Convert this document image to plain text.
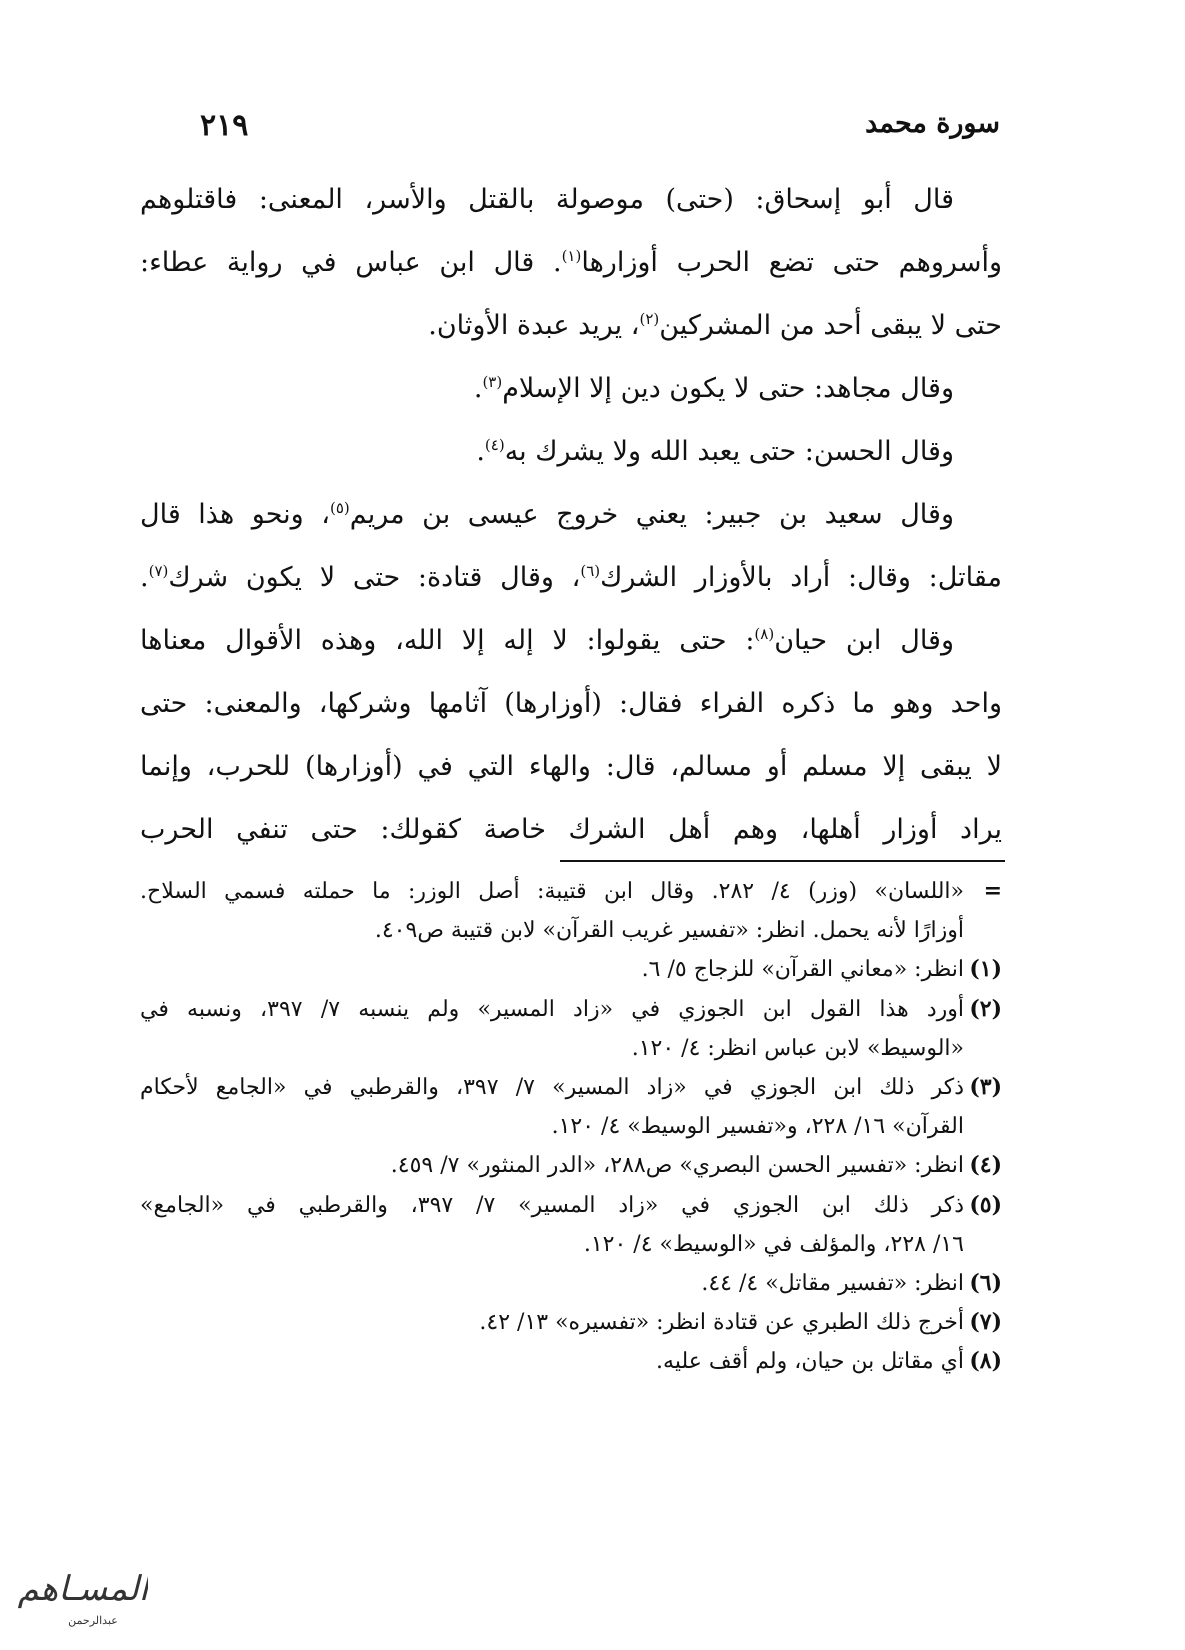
سورة محمد
٢١٩
قال أبو إسحاق: (حتى) موصولة بالقتل والأسر، المعنى: فاقتلوهم
وأسروهم حتى تضع الحرب أوزارها$^{(١)}$. قال ابن عباس في رواية عطاء:
حتى لا يبقى أحد من المشركين$^{(٢)}$، يريد عبدة الأوثان.
وقال مجاهد: حتى لا يكون دين إلا الإسلام$^{(٣)}$.
وقال الحسن: حتى يعبد الله ولا يشرك به$^{(٤)}$.
وقال سعيد بن جبير: يعني خروج عيسى بن مريم$^{(٥)}$، ونحو هذا قال
مقاتل: وقال: أراد بالأوزار الشرك$^{(٦)}$، وقال قتادة: حتى لا يكون شرك$^{(٧)}$.
وقال ابن حيان$^{(٨)}$: حتى يقولوا: لا إله إلا الله، وهذه الأقوال معناها
واحد وهو ما ذكره الفراء فقال: (أوزارها) آثامها وشركها، والمعنى: حتى
لا يبقى إلا مسلم أو مسالم، قال: والهاء التي في (أوزارها) للحرب، وإنما
يراد أوزار أهلها، وهم أهل الشرك خاصة كقولك: حتى تنفي الحرب
=«اللسان» (وزر) ٤/ ٢٨٢. وقال ابن قتيبة: أصل الوزر: ما حملته فسمي السلاح.
أوزارًا لأنه يحمل. انظر: «تفسير غريب القرآن» لابن قتيبة ص٤٠٩.
(١)انظر: «معاني القرآن» للزجاج ٥/ ٦.
(٢)أورد هذا القول ابن الجوزي في «زاد المسير» ولم ينسبه ٧/ ٣٩٧، ونسبه في
«الوسيط» لابن عباس انظر: ٤/ ١٢٠.
(٣)ذكر ذلك ابن الجوزي في «زاد المسير» ٧/ ٣٩٧، والقرطبي في «الجامع لأحكام
القرآن» ١٦/ ٢٢٨، و«تفسير الوسيط» ٤/ ١٢٠.
(٤)انظر: «تفسير الحسن البصري» ص٢٨٨، «الدر المنثور» ٧/ ٤٥٩.
(٥)ذكر ذلك ابن الجوزي في «زاد المسير» ٧/ ٣٩٧، والقرطبي في «الجامع»
١٦/ ٢٢٨، والمؤلف في «الوسيط» ٤/ ١٢٠.
(٦)انظر: «تفسير مقاتل» ٤/ ٤٤.
(٧)أخرج ذلك الطبري عن قتادة انظر: «تفسيره» ١٣/ ٤٢.
(٨)أي مقاتل بن حيان، ولم أقف عليه.
المسـاهم
عبدالرحمن
